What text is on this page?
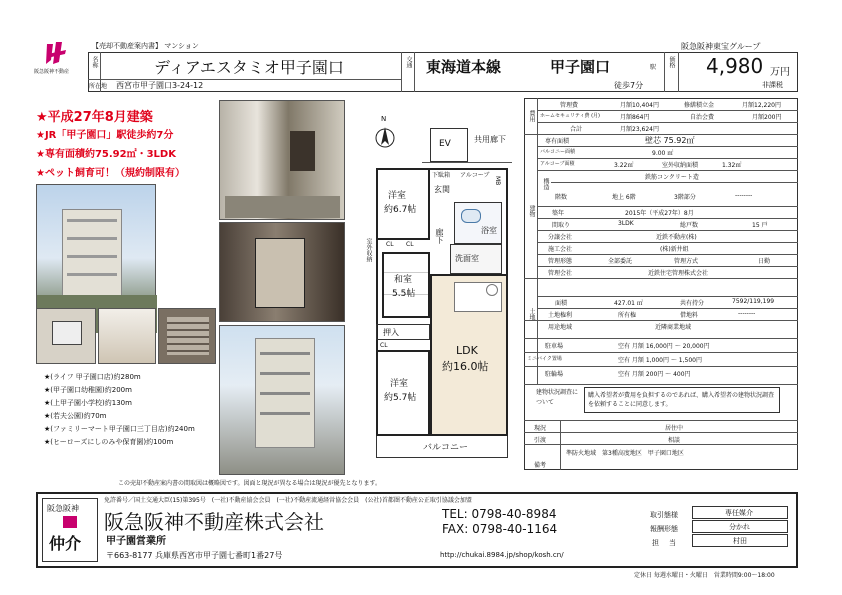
阪急阪神不動産
【売却不動産案内書】 マンション	阪急阪神東宝グループ
名称	ディアエスタミオ甲子園口
所在地 西宮市甲子園口3-24-12
交通 東海道本線	甲子園口	駅
徒歩7分
価格 4,980 万円
非課税
★平成27年8月建築
★JR「甲子園口」駅徒歩約7分
★専有面積約75.92㎡・3LDK
★ペット飼育可！（規約制限有）
★(ライフ 甲子園口店)約280m
★(甲子園口幼稚園)約200m
★(上甲子園小学校)約130m
★(若夫公園)約70m
★(ファミリーマート甲子園口三丁目店)約240m
★(ヒーローズにしのみや保育園)約100m
N
EV	共用廊下
洋室
約6.7帖
下駄箱 アルコーブ
玄関
MB
浴室
洗面室
廊下
室外収納 CL CL
和室
5.5帖
押入
CL
洋室
約5.7帖
LDK
約16.0帖
バルコニー
費用
管理費	月額10,404円	修繕積立金	月額12,220円
ホームセキュリティ費 (月)	月額864円	自治会費	月額200円
合計	月額23,624円
建物
専有面積	壁芯 75.92㎡
バルコニー面積	9.00 ㎡
アルコーブ面積	3.22㎡	室外収納面積	1.32㎡
構造
鉄筋コンクリート造
階数	地上 6階	3階部分	--------
築年	2015年（平成27年）8月
間取り	3LDK	総戸数	15 戸
分譲会社	近鉄不動産(株)
施工会社	(株)新井組
管理形態	全部委託	管理方式	日勤
管理会社	近鉄住宅管理株式会社
土地
面積	427.01 ㎡	共有持分	7592/119,199
土地権利	所有権	借地料	--------
用途地域	近隣商業地域
駐車場	空有 月額 16,000円 ～ 20,000円
ミニバイク置場	空有 月額 1,000円 ～ 1,500円
駐輪場	空有 月額 200円 ～ 400円
建物状況調査について
購入希望者が費用を負担するのであれば、購入希望者の建物状況調査を依頼することに同意します。
現況	居住中
引渡	相談
備考
準防火地域　第3種高度地区　甲子園口地区
この売却不動産案内書の間取図は概略図です。図面と現況が異なる場合は現況が優先となります。
免許番号／国土交通大臣(15)第395号　(一社)不動産協会会員　(一社)不動産流通経営協会会員　(公社)首都圏不動産公正取引協議会加盟
阪急阪神
仲介
阪急阪神不動産株式会社
甲子園営業所
〒663-8177 兵庫県西宮市甲子園七番町1番27号
TEL: 0798-40-8984
FAX: 0798-40-1164
http://chukai.8984.jp/shop/kosh.cn/
取引態様	専任媒介
報酬形態	分かれ
担当	村田
定休日 毎週水曜日・火曜日　営業時間9:00～18:00
